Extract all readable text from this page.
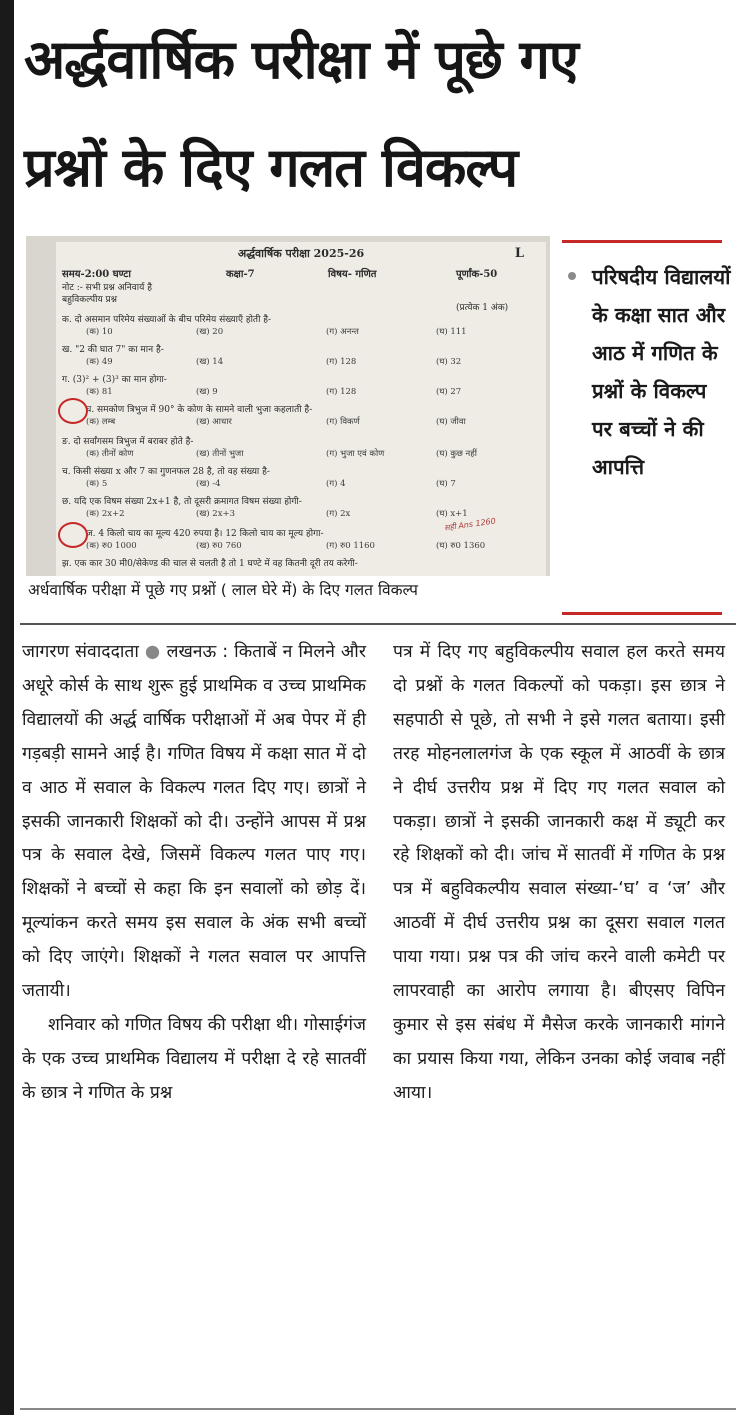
अर्द्धवार्षिक परीक्षा में पूछे गए
प्रश्नों के दिए गलत विकल्प
अर्द्धवार्षिक परीक्षा 2025-26	L
समय-2:00 घण्टा	कक्षा-7	विषय- गणित	पूर्णांक-50
नोट :- सभी प्रश्न अनिवार्य है
बहुविकल्पीय प्रश्न
(प्रत्येक 1 अंक)
क. दो असमान परिमेय संख्याओं के बीच परिमेय संख्याएँ होती है-
(क) 10	(ख) 20	(ग) अनन्त	(घ) 111
ख. "2 की घात 7" का मान है-
(क) 49	(ख) 14	(ग) 128	(घ) 32
ग. (3)² + (3)³ का मान होगा-
(क) 81	(ख) 9	(ग) 128	(घ) 27
घ. समकोण त्रिभुज में 90° के कोण के सामने वाली भुजा कहलाती है-
(क) लम्ब	(ख) आधार	(ग) विकर्ण	(घ) जीवा
ङ. दो सर्वांगसम त्रिभुज में बराबर होते है-
(क) तीनों कोण	(ख) तीनों भुजा	(ग) भुजा एवं कोण	(घ) कुछ नहीं
च. किसी संख्या x और 7 का गुणनफल 28 है, तो वह संख्या है-
(क) 5	(ख) -4	(ग) 4	(घ) 7
छ. यदि एक विषम संख्या 2x+1 है, तो दूसरी क्रमागत विषम संख्या होगी-
(क) 2x+2	(ख) 2x+3	(ग) 2x	(घ) x+1
ज. 4 किलो चाय का मूल्य 420 रुपया है। 12 किलो चाय का मूल्य होगा-
(क) रु0 1000	(ख) रु0 760	(ग) रु0 1160	(घ) रु0 1360
झ. एक कार 30 मी0/सेकेण्ड की चाल से चलती है तो 1 घण्टे में वह कितनी दूरी तय करेगी-
सही Ans 1260

अर्धवार्षिक परीक्षा में पूछे गए प्रश्नों ( लाल घेरे में) के दिए गलत विकल्प

परिषदीय विद्यालयों के कक्षा सात और आठ में गणित के प्रश्नों के विकल्प पर बच्चों ने की आपत्ति

जागरण संवाददाता ● लखनऊ : किताबें न मिलने और अधूरे कोर्स के साथ शुरू हुई प्राथमिक व उच्च प्राथमिक विद्यालयों की अर्द्ध वार्षिक परीक्षाओं में अब पेपर में ही गड़बड़ी सामने आई है। गणित विषय में कक्षा सात में दो व आठ में सवाल के विकल्प गलत दिए गए। छात्रों ने इसकी जानकारी शिक्षकों को दी। उन्होंने आपस में प्रश्न पत्र के सवाल देखे, जिसमें विकल्प गलत पाए गए। शिक्षकों ने बच्चों से कहा कि इन सवालों को छोड़ दें। मूल्यांकन करते समय इस सवाल के अंक सभी बच्चों को दिए जाएंगे। शिक्षकों ने गलत सवाल पर आपत्ति जतायी।

शनिवार को गणित विषय की परीक्षा थी। गोसाईगंज के एक उच्च प्राथमिक विद्यालय में परीक्षा दे रहे सातवीं के छात्र ने गणित के प्रश्न

पत्र में दिए गए बहुविकल्पीय सवाल हल करते समय दो प्रश्नों के गलत विकल्पों को पकड़ा। इस छात्र ने सहपाठी से पूछे, तो सभी ने इसे गलत बताया। इसी तरह मोहनलालगंज के एक स्कूल में आठवीं के छात्र ने दीर्घ उत्तरीय प्रश्न में दिए गए गलत सवाल को पकड़ा। छात्रों ने इसकी जानकारी कक्ष में ड्यूटी कर रहे शिक्षकों को दी। जांच में सातवीं में गणित के प्रश्न पत्र में बहुविकल्पीय सवाल संख्या-‘घ’ व ‘ज’ और आठवीं में दीर्घ उत्तरीय प्रश्न का दूसरा सवाल गलत पाया गया। प्रश्न पत्र की जांच करने वाली कमेटी पर लापरवाही का आरोप लगाया है। बीएसए विपिन कुमार से इस संबंध में मैसेज करके जानकारी मांगने का प्रयास किया गया, लेकिन उनका कोई जवाब नहीं आया।
